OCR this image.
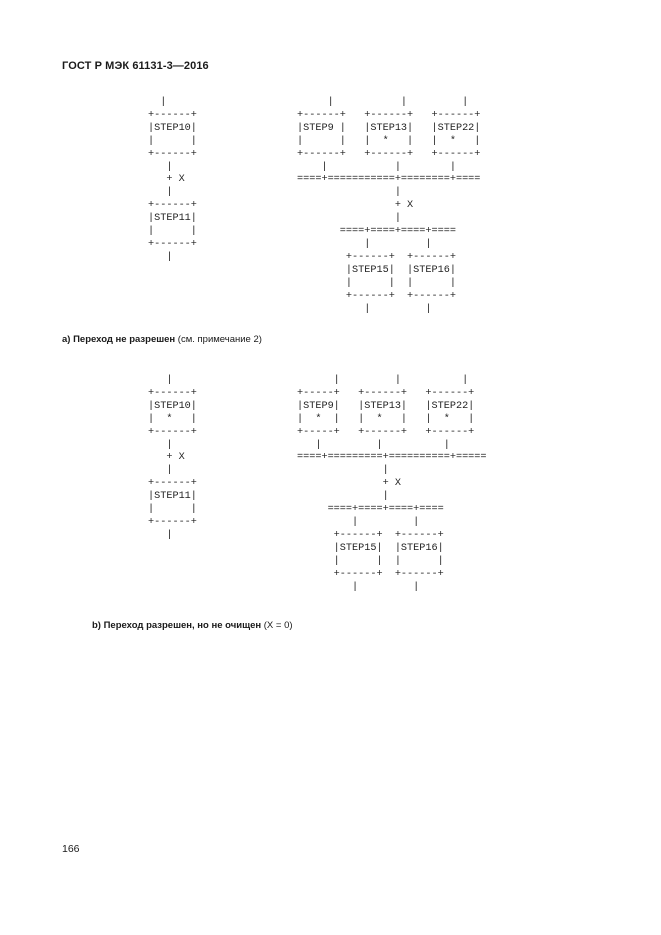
ГОСТ Р МЭК 61131-3—2016
|
+------+
|STEP10|
|      |
+------+
|
+ X
|
+------+
|STEP11|
|      |
+------+
|
|           |         |
+------+   +------+   +------+
|STEP9 |   |STEP13|   |STEP22|
|      |   |  *   |   |  *   |
+------+   +------+   +------+
|           |        |
====+===========+========+====
|
+ X
|
====+====+====+====
|         |
+------+  +------+
|STEP15|  |STEP16|
|      |  |      |
+------+  +------+
|         |
а) Переход не разрешен (см. примечание 2)
|
+------+
|STEP10|
|  *   |
+------+
|
+ X
|
+------+
|STEP11|
|      |
+------+
|
|         |          |
+-----+   +------+   +------+
|STEP9|   |STEP13|   |STEP22|
|  *  |   |  *   |   |  *   |
+-----+   +------+   +------+
|         |          |
====+=========+==========+=====
|
+ X
|
====+====+====+====
|         |
+------+  +------+
|STEP15|  |STEP16|
|      |  |      |
+------+  +------+
|         |
b) Переход разрешен, но не очищен (X = 0)
166
